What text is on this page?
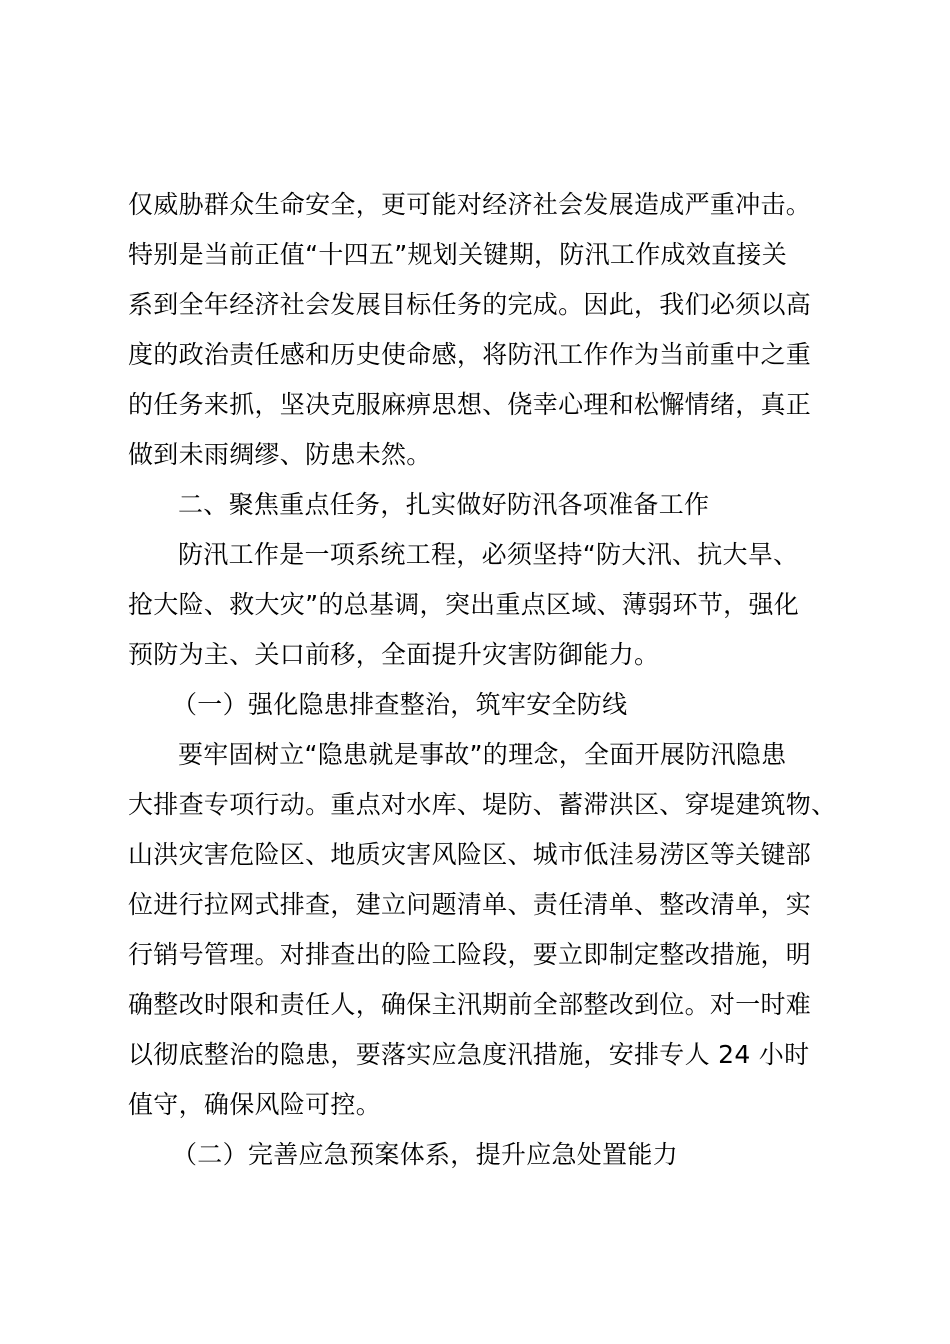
仅威胁群众生命安全，更可能对经济社会发展造成严重冲击。
特别是当前正值“十四五”规划关键期，防汛工作成效直接关
系到全年经济社会发展目标任务的完成。因此，我们必须以高
度的政治责任感和历史使命感，将防汛工作作为当前重中之重
的任务来抓，坚决克服麻痹思想、侥幸心理和松懈情绪，真正
做到未雨绸缪、防患未然。
二、聚焦重点任务，扎实做好防汛各项准备工作
防汛工作是一项系统工程，必须坚持“防大汛、抗大旱、
抢大险、救大灾”的总基调，突出重点区域、薄弱环节，强化
预防为主、关口前移，全面提升灾害防御能力。
（一）强化隐患排查整治，筑牢安全防线
要牢固树立“隐患就是事故”的理念，全面开展防汛隐患
大排查专项行动。重点对水库、堤防、蓄滞洪区、穿堤建筑物、
山洪灾害危险区、地质灾害风险区、城市低洼易涝区等关键部
位进行拉网式排查，建立问题清单、责任清单、整改清单，实
行销号管理。对排查出的险工险段，要立即制定整改措施，明
确整改时限和责任人，确保主汛期前全部整改到位。对一时难
以彻底整治的隐患，要落实应急度汛措施，安排专人 24 小时
值守，确保风险可控。
（二）完善应急预案体系，提升应急处置能力
